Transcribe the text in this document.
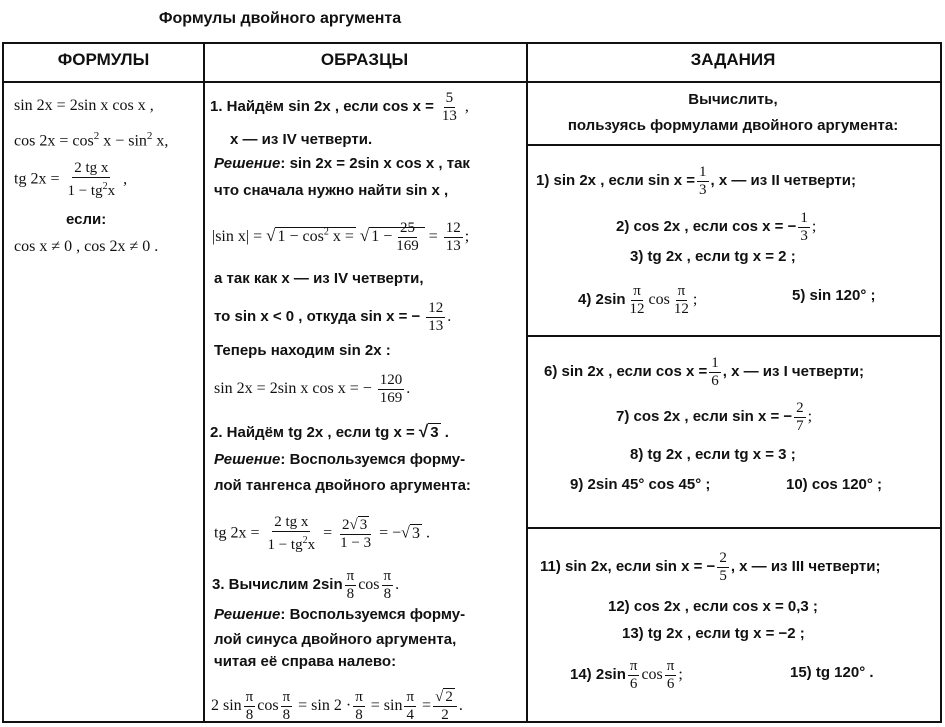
Формулы двойного аргумента
ФОРМУЛЫ	ОБРАЗЦЫ	ЗАДАНИЯ
sin 2x = 2sin x cos x ,
$\cos 2x = \cos^2 x - \sin^2 x$,
tg $2x = \frac{\text{2 tg x}}{1 - tg^2x}$ ,
если:
cos x ≠ 0 , cos 2x ≠ 0 .
1. Найдём sin 2x , если $\cos x = \frac{5}{13}$ ,
x — из IV четверти.
Решение: sin 2x = 2sin x cos x , так
что сначала нужно найти sin x ,
|sin x| = √ $1 - \cos^2 x$ = √ $1 - \frac{25}{169} = \frac{12}{13}$ ;
а так как x — из IV четверти,
то sin x < 0 , откуда sin x = − $\frac{12}{13}$ .
Теперь находим sin 2x :
sin 2x = 2sin x cos x = − $\frac{120}{169}$ .
2. Найдём tg 2x , если tg x = √ 3 .
Решение: Воспользуемся форму-
лой тангенса двойного аргумента:
tg $2x = \frac{\text{2 tg x}}{1 - tg^2x} = \frac{2√ 3}{1 - 3}$ = −√ 3 .
3. Вычислим $2\sin \frac{\pi}{8}$ $\cos \frac{\pi}{8}$ .
Решение: Воспользуемся форму-
лой синуса двойного аргумента,
читая её справа налево:
2 $\sin \frac{\pi}{8}$ $\cos \frac{\pi}{8} = \sin 2 \cdot \frac{\pi}{8} = \sin \frac{\pi}{4} = \frac{√ 2}{2}$ .
Вычислить,
пользуясь формулами двойного аргумента:
1) sin 2x , если $\sin x = \frac{1}{3}$ , x — из II четверти;
2) cos 2x , если cos x = − $\frac{1}{3}$ ;
3) tg 2x , если tg x = 2 ;
4) $2\sin \frac{\pi}{12}$ $\cos \frac{\pi}{12}$ ;	5) sin 120° ;
6) sin 2x , если $\cos x = \frac{1}{6}$ , x — из I четверти;
7) cos 2x , если sin x = − $\frac{2}{7}$ ;
8) tg 2x , если tg x = 3 ;
9) 2sin 45° cos 45° ;	10) cos 120° ;
11) sin 2x, если sin x = − $\frac{2}{5}$ , x — из III четверти;
12) cos 2x , если cos x = 0,3 ;
13) tg 2x , если tg x = −2 ;
14) $2\sin \frac{\pi}{6}$ $\cos \frac{\pi}{6}$ ;	15) tg 120° .
